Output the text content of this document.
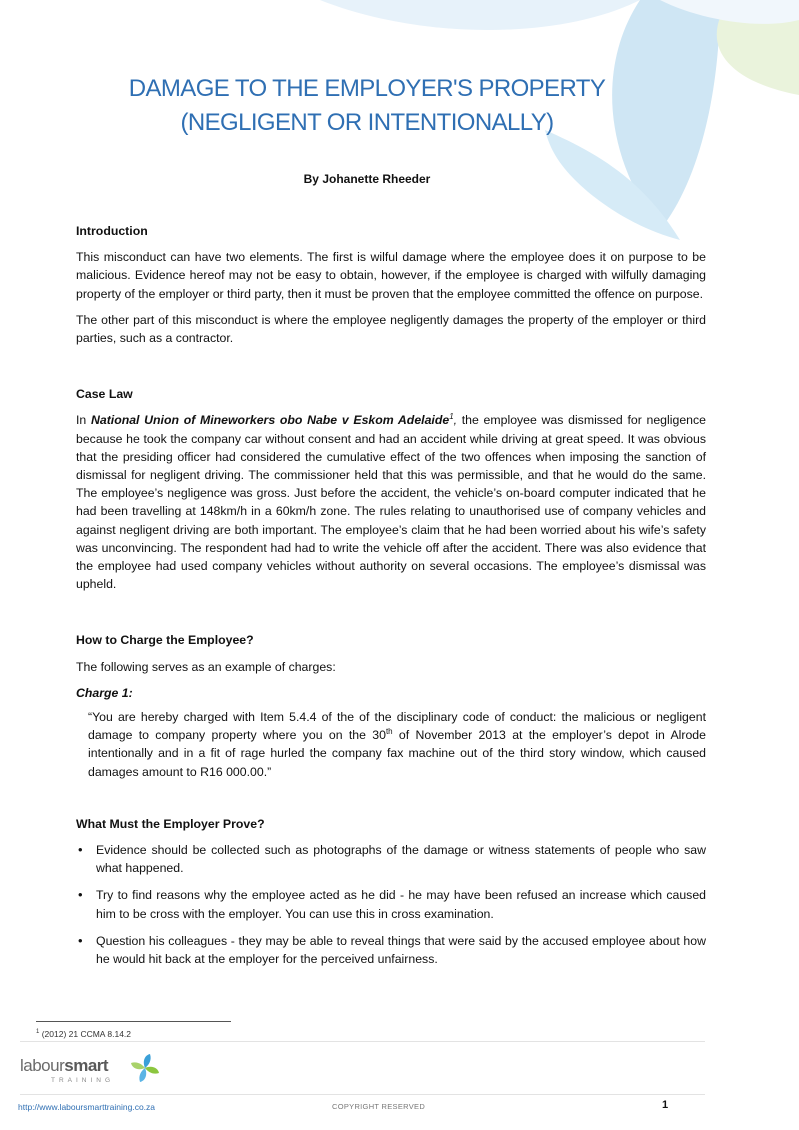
DAMAGE TO THE EMPLOYER'S PROPERTY
(NEGLIGENT OR INTENTIONALLY)
By Johanette Rheeder
Introduction

This misconduct can have two elements. The first is wilful damage where the employee does it on purpose to be malicious. Evidence hereof may not be easy to obtain, however, if the employee is charged with wilfully damaging property of the employer or third party, then it must be proven that the employee committed the offence on purpose.

The other part of this misconduct is where the employee negligently damages the property of the employer or third parties, such as a contractor.

Case Law

In National Union of Mineworkers obo Nabe v Eskom Adelaide$^1$, the employee was dismissed for negligence because he took the company car without consent and had an accident while driving at great speed. It was obvious that the presiding officer had considered the cumulative effect of the two offences when imposing the sanction of dismissal for negligent driving. The commissioner held that this was permissible, and that he would do the same. The employee’s negligence was gross. Just before the accident, the vehicle’s on-board computer indicated that he had been travelling at 148km/h in a 60km/h zone. The rules relating to unauthorised use of company vehicles and against negligent driving are both important. The employee’s claim that he had been worried about his wife’s safety was unconvincing. The respondent had had to write the vehicle off after the accident. There was also evidence that the employee had used company vehicles without authority on several occasions. The employee’s dismissal was upheld.

How to Charge the Employee?

The following serves as an example of charges:

Charge 1:

“You are hereby charged with Item 5.4.4 of the of the disciplinary code of conduct: the malicious or negligent damage to company property where you on the 30th of November 2013 at the employer’s depot in Alrode intentionally and in a fit of rage hurled the company fax machine out of the third story window, which caused damages amount to R16 000.00.”

What Must the Employer Prove?
• Evidence should be collected such as photographs of the damage or witness statements of people who saw what happened.
• Try to find reasons why the employee acted as he did - he may have been refused an increase which caused him to be cross with the employer. You can use this in cross examination.
• Question his colleagues - they may be able to reveal things that were said by the accused employee about how he would hit back at the employer for the perceived unfairness.
$^1$ (2012) 21 CCMA 8.14.2
laboursmart
TRAINING
http://www.laboursmarttraining.co.za	COPYRIGHT RESERVED	1
